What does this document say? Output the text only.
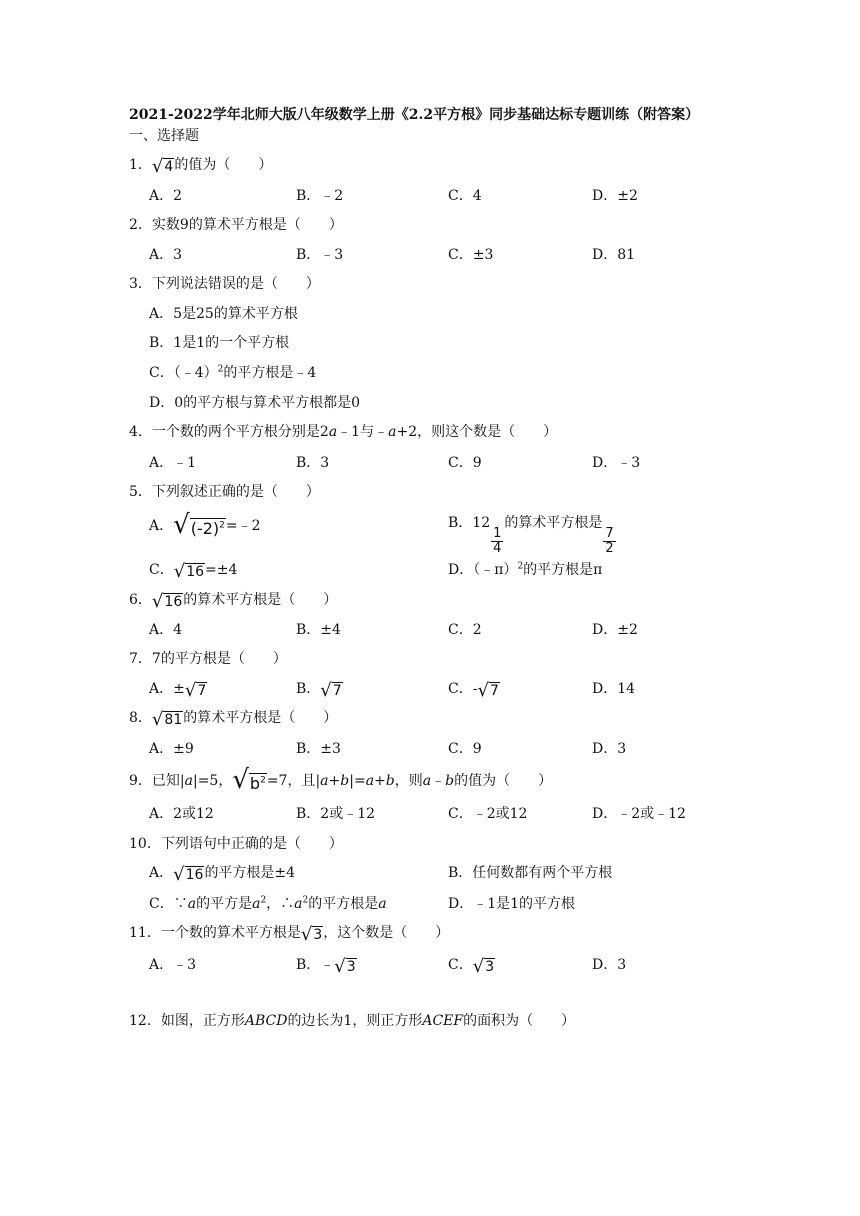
2021-2022学年北师大版八年级数学上册《2.2平方根》同步基础达标专题训练（附答案）
一、选择题
1． √ 4 的值为（　　）
A．2	B．﹣2	C．4	D．±2
2．实数9的算术平方根是（　　）
A．3	B．﹣3	C．±3	D．81
3．下列说法错误的是（　　）
A．5是25的算术平方根
B．1是1的一个平方根
C．（﹣4）$^2$的平方根是﹣4
D．0的平方根与算术平方根都是0
4．一个数的两个平方根分别是2a﹣1与﹣a+2，则这个数是（　　）
A．﹣1	B．3	C．9	D．﹣3
5．下列叙述正确的是（　　）
A． √ $(-2)^2$ =﹣2	B．12
$\frac{1}{4}$
的算术平方根是
$\frac{7}{2}$
C． √ 16 =±4	D．（﹣π）$^2$的平方根是π
6． √ 16 的算术平方根是（　　）
A．4	B．±4	C．2	D．±2
7．7的平方根是（　　）
A．± √ 7	B． √ 7	C．- √ 7	D．14
8． √ 81 的算术平方根是（　　）
A．±9	B．±3	C．9	D．3
9．已知|a|=5， √ $b^2 =7$，且|a+b|=a+b，则a﹣b的值为（　　）
A．2或12	B．2或﹣12	C．﹣2或12	D．﹣2或﹣12
10．下列语句中正确的是（　　）
A． √ 16 的平方根是±4	B．任何数都有两个平方根
C．∵a的平方是$a^2$，$\therefore a^2$的平方根是a	D．﹣1是1的平方根
11．一个数的算术平方根是 √ 3 ，这个数是（　　）
A．﹣3	B．﹣ √ 3	C． √ 3	D．3
12．如图，正方形ABCD的边长为1，则正方形ACEF的面积为（　　）
